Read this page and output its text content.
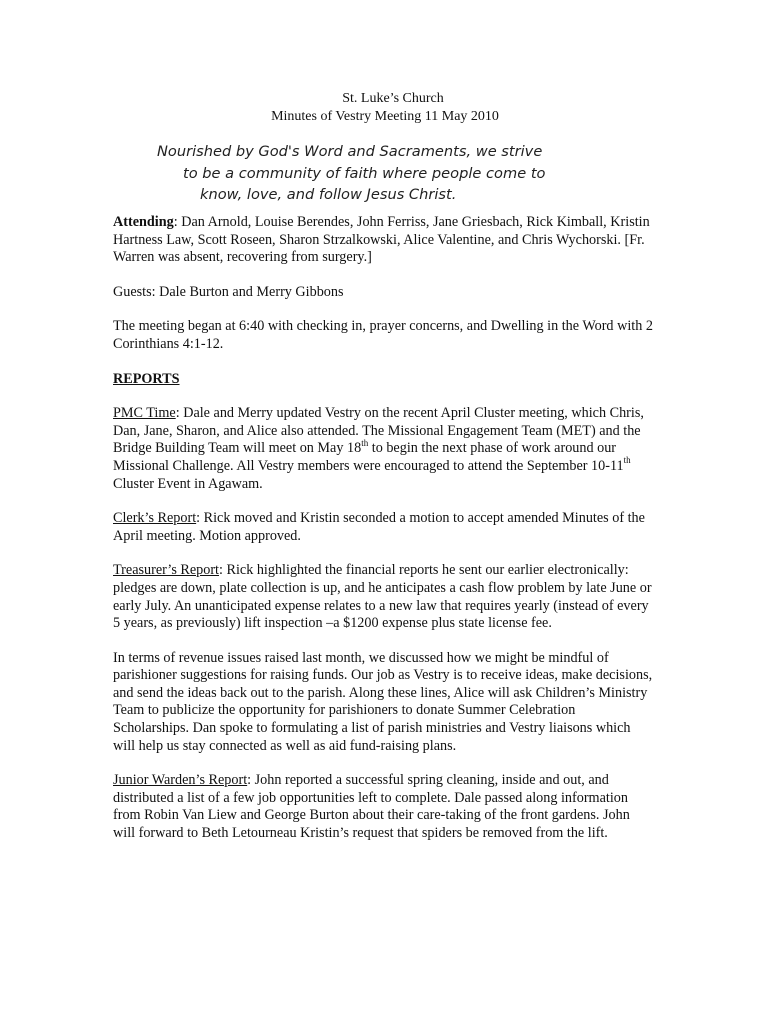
St. Luke’s Church
Minutes of Vestry Meeting 11 May 2010
Nourished by God's Word and Sacraments, we strive
to be a community of faith where people come to
know, love, and follow Jesus Christ.

Attending: Dan Arnold, Louise Berendes, John Ferriss, Jane Griesbach, Rick Kimball, Kristin Hartness Law, Scott Roseen, Sharon Strzalkowski, Alice Valentine, and Chris Wychorski. [Fr. Warren was absent, recovering from surgery.]

Guests: Dale Burton and Merry Gibbons

The meeting began at 6:40 with checking in, prayer concerns, and Dwelling in the Word with 2 Corinthians 4:1-12.

REPORTS

PMC Time: Dale and Merry updated Vestry on the recent April Cluster meeting, which Chris, Dan, Jane, Sharon, and Alice also attended. The Missional Engagement Team (MET) and the Bridge Building Team will meet on May 18th to begin the next phase of work around our Missional Challenge. All Vestry members were encouraged to attend the September 10-11th Cluster Event in Agawam.

Clerk’s Report: Rick moved and Kristin seconded a motion to accept amended Minutes of the April meeting. Motion approved.

Treasurer’s Report: Rick highlighted the financial reports he sent our earlier electronically: pledges are down, plate collection is up, and he anticipates a cash flow problem by late June or early July. An unanticipated expense relates to a new law that requires yearly (instead of every 5 years, as previously) lift inspection –a $1200 expense plus state license fee.

In terms of revenue issues raised last month, we discussed how we might be mindful of parishioner suggestions for raising funds. Our job as Vestry is to receive ideas, make decisions, and send the ideas back out to the parish. Along these lines, Alice will ask Children’s Ministry Team to publicize the opportunity for parishioners to donate Summer Celebration Scholarships. Dan spoke to formulating a list of parish ministries and Vestry liaisons which will help us stay connected as well as aid fund-raising plans.

Junior Warden’s Report: John reported a successful spring cleaning, inside and out, and distributed a list of a few job opportunities left to complete. Dale passed along information from Robin Van Liew and George Burton about their care-taking of the front gardens. John will forward to Beth Letourneau Kristin’s request that spiders be removed from the lift.
